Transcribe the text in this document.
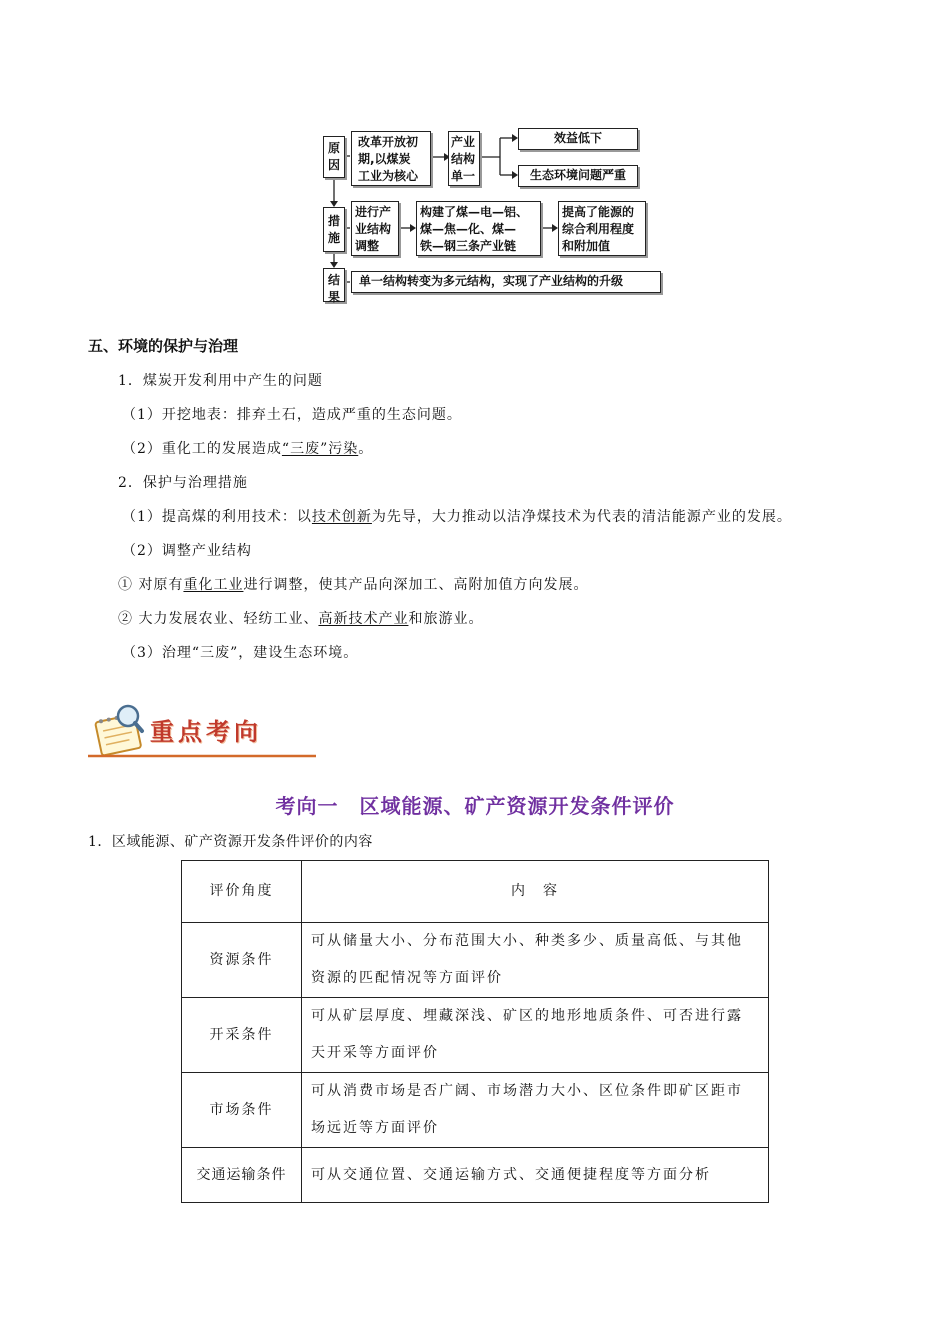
原因
措施
结果
改革开放初
期,以煤炭
工业为核心
产业
结构
单一
效益低下
生态环境问题严重
进行产
业结构
调整
构建了煤—电—铝、
煤—焦—化、煤—
铁—钢三条产业链
提高了能源的
综合利用程度
和附加值
单一结构转变为多元结构，实现了产业结构的升级
五、环境的保护与治理
1．煤炭开发利用中产生的问题
（1）开挖地表：排弃土石，造成严重的生态问题。
（2）重化工的发展造成“三废”污染。
2．保护与治理措施
（1）提高煤的利用技术：以技术创新为先导，大力推动以洁净煤技术为代表的清洁能源产业的发展。
（2）调整产业结构
① 对原有重化工业进行调整，使其产品向深加工、高附加值方向发展。
② 大力发展农业、轻纺工业、高新技术产业和旅游业。
（3）治理“三废”，建设生态环境。
重点考向
考向一　区域能源、矿产资源开发条件评价
1．区域能源、矿产资源开发条件评价的内容
评价角度	内　容
资源条件	可从储量大小、分布范围大小、种类多少、质量高低、与其他资源的匹配情况等方面评价
开采条件	可从矿层厚度、埋藏深浅、矿区的地形地质条件、可否进行露天开采等方面评价
市场条件	可从消费市场是否广阔、市场潜力大小、区位条件即矿区距市场远近等方面评价
交通运输条件	可从交通位置、交通运输方式、交通便捷程度等方面分析
